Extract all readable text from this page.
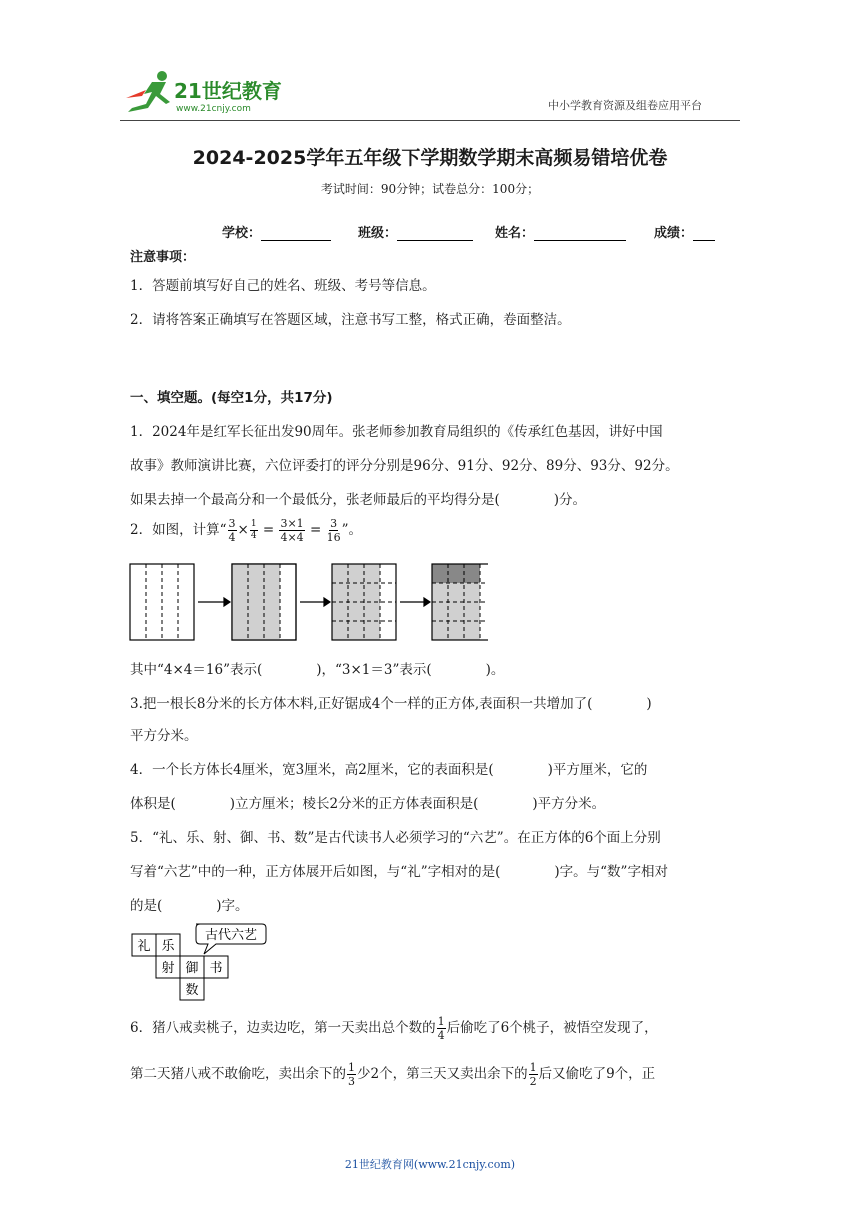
21世纪教育
www.21cnjy.com	中小学教育资源及组卷应用平台
2024-2025学年五年级下学期数学期末高频易错培优卷
考试时间：90分钟；试卷总分：100分；
学校：	班级：	姓名：	成绩：
注意事项：
1．答题前填写好自己的姓名、班级、考号等信息。
2．请将答案正确填写在答题区域，注意书写工整，格式正确，卷面整洁。
一、填空题。(每空1分，共17分)
1．2024年是红军长征出发90周年。张老师参加教育局组织的《传承红色基因，讲好中国
故事》教师演讲比赛，六位评委打的评分分别是96分、91分、92分、89分、93分、92分。
如果去掉一个最高分和一个最低分，张老师最后的平均得分是(　　　　)分。
2．如图，计算“ $\frac{3}{4} \times \frac{1}{4} = \frac{3\times 1}{4\times 4} = \frac{3}{16}$ ”。
其中“4×4＝16”表示(　　　　)，“3×1＝3”表示(　　　　)。
3.把一根长8分米的长方体木料,正好锯成4个一样的正方体,表面积一共增加了(　　　　)
平方分米。
4．一个长方体长4厘米，宽3厘米，高2厘米，它的表面积是(　　　　)平方厘米，它的
体积是(　　　　)立方厘米；棱长2分米的正方体表面积是(　　　　)平方分米。
5．“礼、乐、射、御、书、数”是古代读书人必须学习的“六艺”。在正方体的6个面上分别
写着“六艺”中的一种，正方体展开后如图，与“礼”字相对的是(　　　　)字。与“数”字相对
的是(　　　　)字。
古代六艺
礼 乐
射 御 书
数
6．猪八戒卖桃子，边卖边吃，第一天卖出总个数的 $\frac{1}{4}$ 后偷吃了6个桃子，被悟空发现了，
第二天猪八戒不敢偷吃，卖出余下的 $\frac{1}{3}$ 少2个，第三天又卖出余下的 $\frac{1}{2}$ 后又偷吃了9个，正
21世纪教育网(www.21cnjy.com)
